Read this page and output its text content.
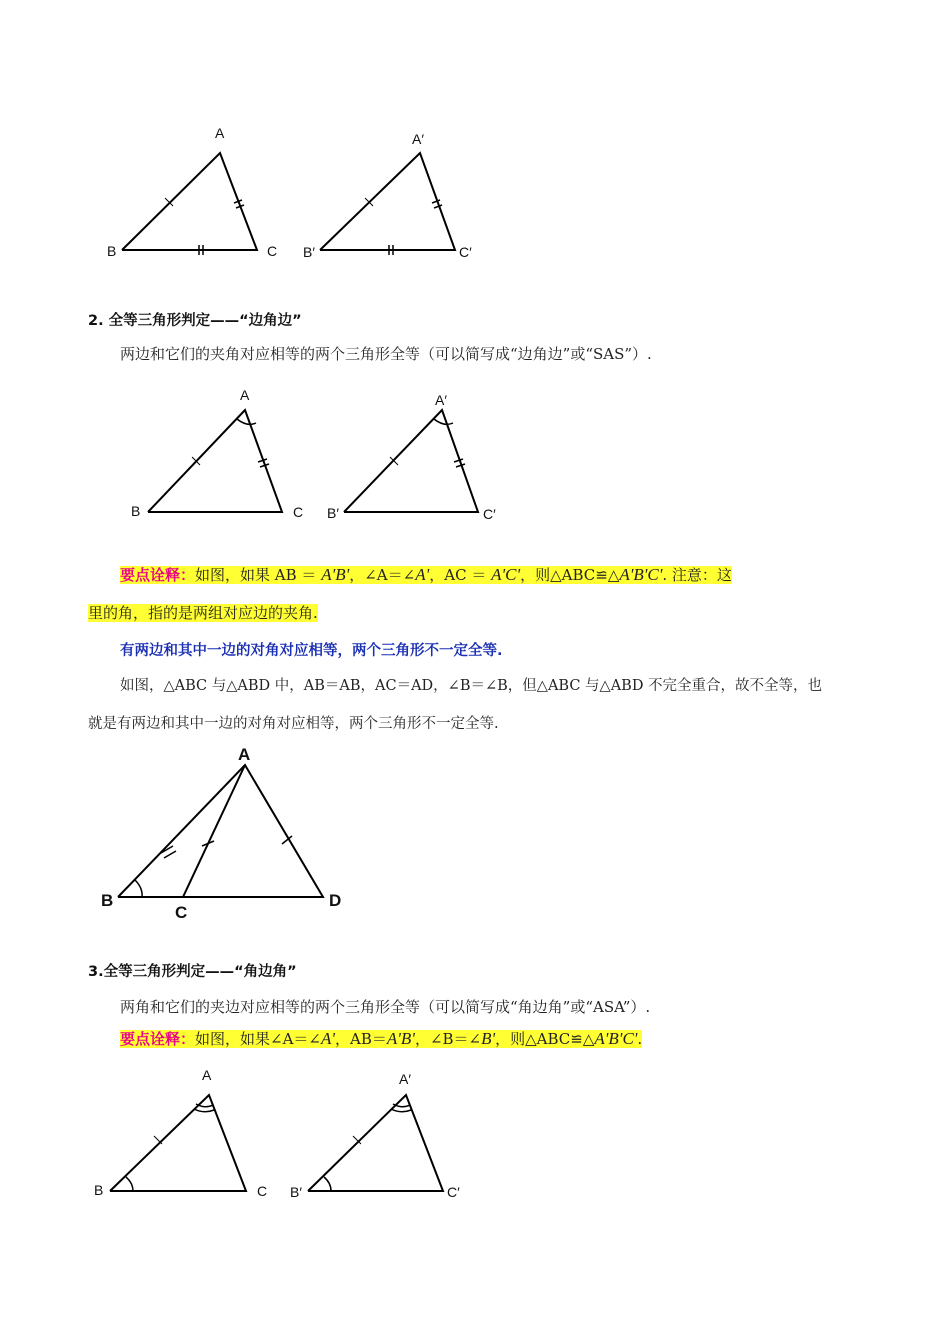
A
B	C
A′
B′	C′
2. 全等三角形判定——“边角边”
两边和它们的夹角对应相等的两个三角形全等（可以简写成“边角边”或“SAS”）.
A
B	C
A′
B′	C′
要点诠释：如图，如果 AB ＝ A'B'，∠A＝∠A'，AC ＝ A'C'，则△ABC≌△A'B'C'. 注意：这
里的角，指的是两组对应边的夹角.
有两边和其中一边的对角对应相等，两个三角形不一定全等.
如图，△ABC 与△ABD 中，AB＝AB，AC＝AD，∠B＝∠B，但△ABC 与△ABD 不完全重合，故不全等，也
就是有两边和其中一边的对角对应相等，两个三角形不一定全等.
A
B
C
D
3.全等三角形判定——“角边角”
两角和它们的夹边对应相等的两个三角形全等（可以简写成“角边角”或“ASA”）.
要点诠释：如图，如果∠A＝∠A'，AB＝A'B'，∠B＝∠B'，则△ABC≌△A'B'C'.
A
B	C
A′
B′	C′
